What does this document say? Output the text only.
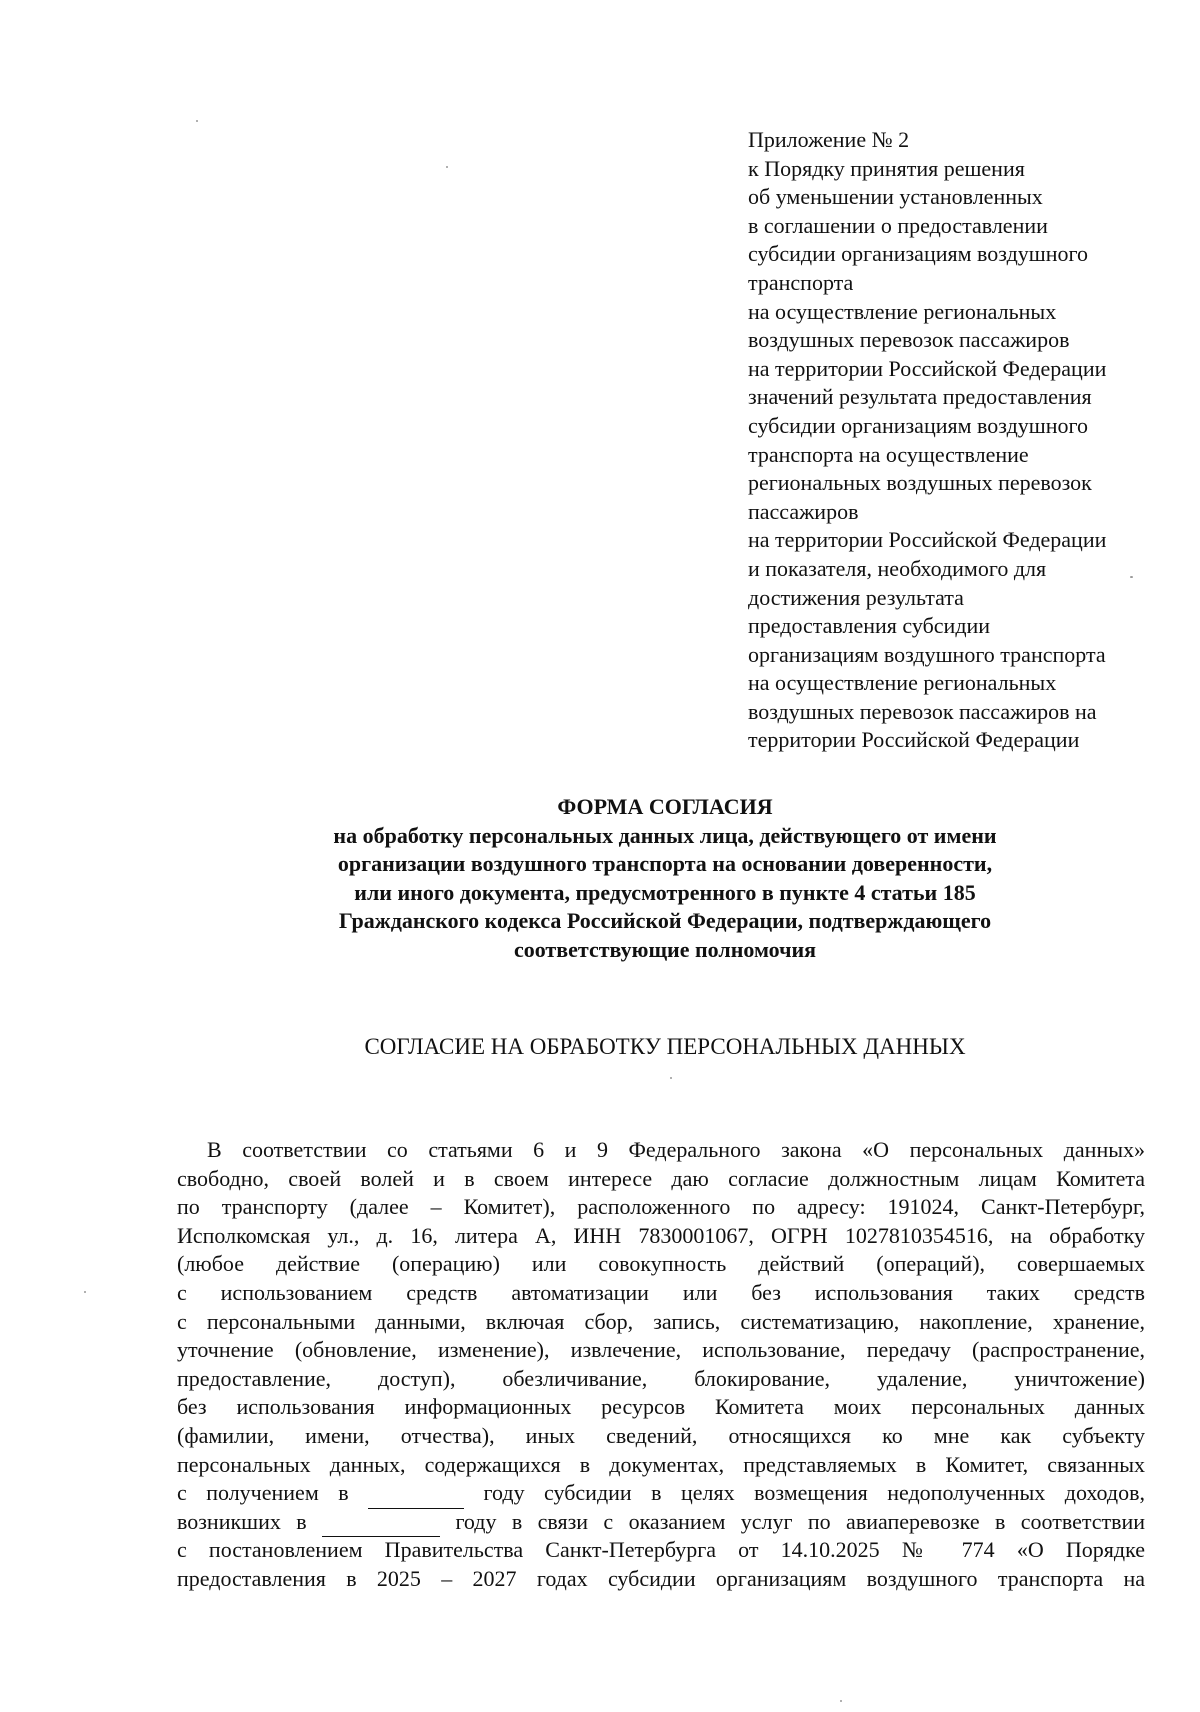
Приложение № 2
к Порядку принятия решения
об уменьшении установленных
в соглашении о предоставлении
субсидии организациям воздушного
транспорта
на осуществление региональных
воздушных перевозок пассажиров
на территории Российской Федерации
значений результата предоставления
субсидии организациям воздушного
транспорта на осуществление
региональных воздушных перевозок
пассажиров
на территории Российской Федерации
и показателя, необходимого для
достижения результата
предоставления субсидии
организациям воздушного транспорта
на осуществление региональных
воздушных перевозок пассажиров на
территории Российской Федерации
ФОРМА СОГЛАСИЯ
на обработку персональных данных лица, действующего от имени
организации воздушного транспорта на основании доверенности,
или иного документа, предусмотренного в пункте 4 статьи 185
Гражданского кодекса Российской Федерации, подтверждающего
соответствующие полномочия
СОГЛАСИЕ НА ОБРАБОТКУ ПЕРСОНАЛЬНЫХ ДАННЫХ
В соответствии со статьями 6 и 9 Федерального закона «О персональных данных»
свободно, своей волей и в своем интересе даю согласие должностным лицам Комитета
по транспорту (далее – Комитет), расположенного по адресу: 191024, Санкт-Петербург,
Исполкомская ул., д. 16, литера А, ИНН 7830001067, ОГРН 1027810354516, на обработку
(любое действие (операцию) или совокупность действий (операций), совершаемых
с использованием средств автоматизации или без использования таких средств
с персональными данными, включая сбор, запись, систематизацию, накопление, хранение,
уточнение (обновление, изменение), извлечение, использование, передачу (распространение,
предоставление, доступ), обезличивание, блокирование, удаление, уничтожение)
без использования информационных ресурсов Комитета моих персональных данных
(фамилии, имени, отчества), иных сведений, относящихся ко мне как субъекту
персональных данных, содержащихся в документах, представляемых в Комитет, связанных
с получением в	году субсидии в целях возмещения недополученных доходов,
возникших в	году в связи с оказанием услуг по авиаперевозке в соответствии
с постановлением Правительства Санкт-Петербурга от 14.10.2025 № 774 «О Порядке
предоставления в 2025 – 2027 годах субсидии организациям воздушного транспорта на
